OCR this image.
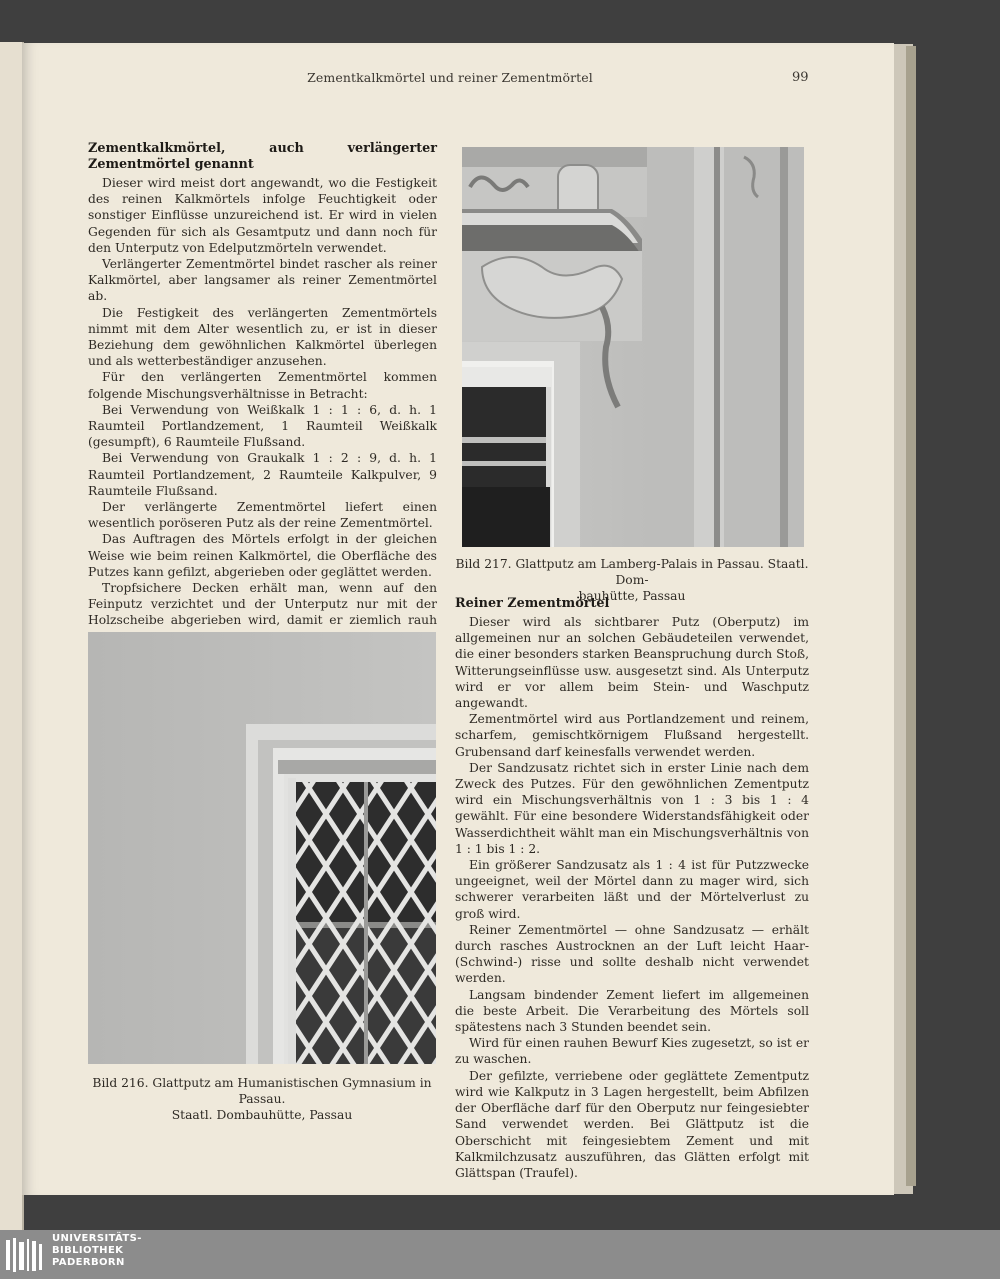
Zementkalkmörtel und reiner Zementmörtel	99
Zementkalkmörtel, auch verlängerter Zementmörtel genannt

Dieser wird meist dort angewandt, wo die Festigkeit des reinen Kalkmörtels infolge Feuchtigkeit oder sonstiger Einflüsse unzureichend ist. Er wird in vielen Gegenden für sich als Gesamtputz und dann noch für den Unterputz von Edelputzmörteln verwendet.

Verlängerter Zementmörtel bindet rascher als reiner Kalkmörtel, aber langsamer als reiner Zementmörtel ab.

Die Festigkeit des verlängerten Zementmörtels nimmt mit dem Alter wesentlich zu, er ist in dieser Beziehung dem gewöhnlichen Kalkmörtel überlegen und als wetterbeständiger anzusehen.

Für den verlängerten Zementmörtel kommen folgende Mischungsverhältnisse in Betracht:

Bei Verwendung von Weißkalk 1 : 1 : 6, d. h. 1 Raumteil Portlandzement, 1 Raumteil Weißkalk (gesumpft), 6 Raumteile Flußsand.

Bei Verwendung von Graukalk 1 : 2 : 9, d. h. 1 Raumteil Portlandzement, 2 Raumteile Kalkpulver, 9 Raumteile Flußsand.

Der verlängerte Zementmörtel liefert einen wesentlich poröseren Putz als der reine Zementmörtel.

Das Auftragen des Mörtels erfolgt in der gleichen Weise wie beim reinen Kalkmörtel, die Oberfläche des Putzes kann gefilzt, abgerieben oder geglättet werden.

Tropfsichere Decken erhält man, wenn auf den Feinputz verzichtet und der Unterputz nur mit der Holzscheibe abgerieben wird, damit er ziemlich rauh

Bild 217. Glattputz am Lamberg-Palais in Passau. Staatl. Dom-
bauhütte, Passau
Bild 216. Glattputz am Humanistischen Gymnasium in Passau.
Staatl. Dombauhütte, Passau
Reiner Zementmörtel

Dieser wird als sichtbarer Putz (Oberputz) im allgemeinen nur an solchen Gebäudeteilen verwendet, die einer besonders starken Beanspruchung durch Stoß, Witterungseinflüsse usw. ausgesetzt sind. Als Unterputz wird er vor allem beim Stein- und Waschputz angewandt.

Zementmörtel wird aus Portlandzement und reinem, scharfem, gemischtkörnigem Flußsand hergestellt. Grubensand darf keinesfalls verwendet werden.

Der Sandzusatz richtet sich in erster Linie nach dem Zweck des Putzes. Für den gewöhnlichen Zementputz wird ein Mischungsverhältnis von 1 : 3 bis 1 : 4 gewählt. Für eine besondere Widerstandsfähigkeit oder Wasserdichtheit wählt man ein Mischungsverhältnis von 1 : 1 bis 1 : 2.

Ein größerer Sandzusatz als 1 : 4 ist für Putzzwecke ungeeignet, weil der Mörtel dann zu mager wird, sich schwerer verarbeiten läßt und der Mörtelverlust zu groß wird.

Reiner Zementmörtel — ohne Sandzusatz — erhält durch rasches Austrocknen an der Luft leicht Haar- (Schwind-) risse und sollte deshalb nicht verwendet werden.

Langsam bindender Zement liefert im allgemeinen die beste Arbeit. Die Verarbeitung des Mörtels soll spätestens nach 3 Stunden beendet sein.

Wird für einen rauhen Bewurf Kies zugesetzt, so ist er zu waschen.

Der gefilzte, verriebene oder geglättete Zementputz wird wie Kalkputz in 3 Lagen hergestellt, beim Abfilzen der Oberfläche darf für den Oberputz nur feingesiebter Sand verwendet werden. Bei Glättputz ist die Oberschicht mit feingesiebtem Zement und mit Kalkmilchzusatz auszuführen, das Glätten erfolgt mit Glättspan (Traufel).

UNIVERSITÄTS-
BIBLIOTHEK
PADERBORN
